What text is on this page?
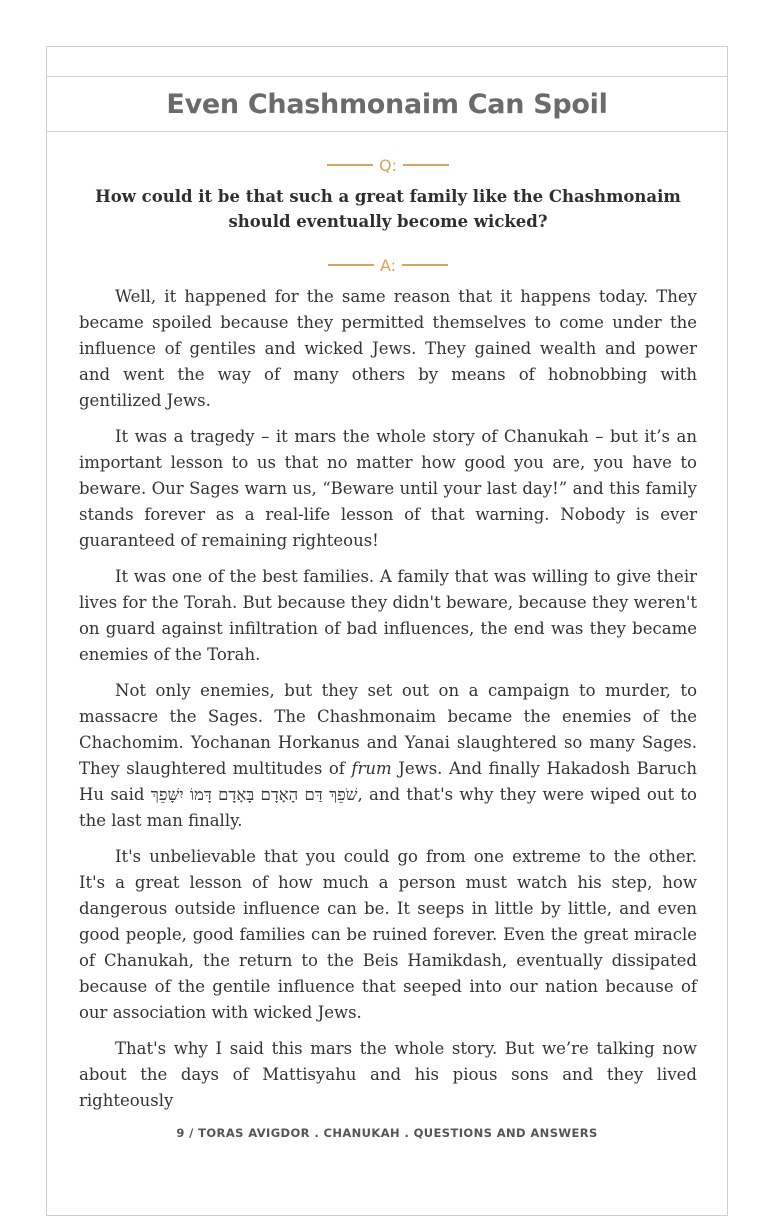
Even Chashmonaim Can Spoil
Q:

How could it be that such a great family like the Chashmonaim should eventually become wicked?

A:

Well, it happened for the same reason that it happens today. They became spoiled because they permitted themselves to come under the influence of gentiles and wicked Jews. They gained wealth and power and went the way of many others by means of hobnobbing with gentilized Jews.

It was a tragedy – it mars the whole story of Chanukah – but it’s an important lesson to us that no matter how good you are, you have to beware. Our Sages warn us, “Beware until your last day!” and this family stands forever as a real-life lesson of that warning. Nobody is ever guaranteed of remaining righteous!

It was one of the best families. A family that was willing to give their lives for the Torah. But because they didn't beware, because they weren't on guard against infiltration of bad influences, the end was they became enemies of the Torah.

Not only enemies, but they set out on a campaign to murder, to massacre the Sages. The Chashmonaim became the enemies of the Chachomim. Yochanan Horkanus and Yanai slaughtered so many Sages. They slaughtered multitudes of frum Jews. And finally Hakadosh Baruch Hu said שֹׁפֵךְ דַּם הָאָדָם בָּאָדָם דָּמוֹ יִשָּׁפֵךְ, and that's why they were wiped out to the last man finally.

It's unbelievable that you could go from one extreme to the other. It's a great lesson of how much a person must watch his step, how dangerous outside influence can be. It seeps in little by little, and even good people, good families can be ruined forever. Even the great miracle of Chanukah, the return to the Beis Hamikdash, eventually dissipated because of the gentile influence that seeped into our nation because of our association with wicked Jews.

That's why I said this mars the whole story. But we’re talking now about the days of Mattisyahu and his pious sons and they lived righteously

9 / TORAS AVIGDOR . CHANUKAH . QUESTIONS AND ANSWERS
